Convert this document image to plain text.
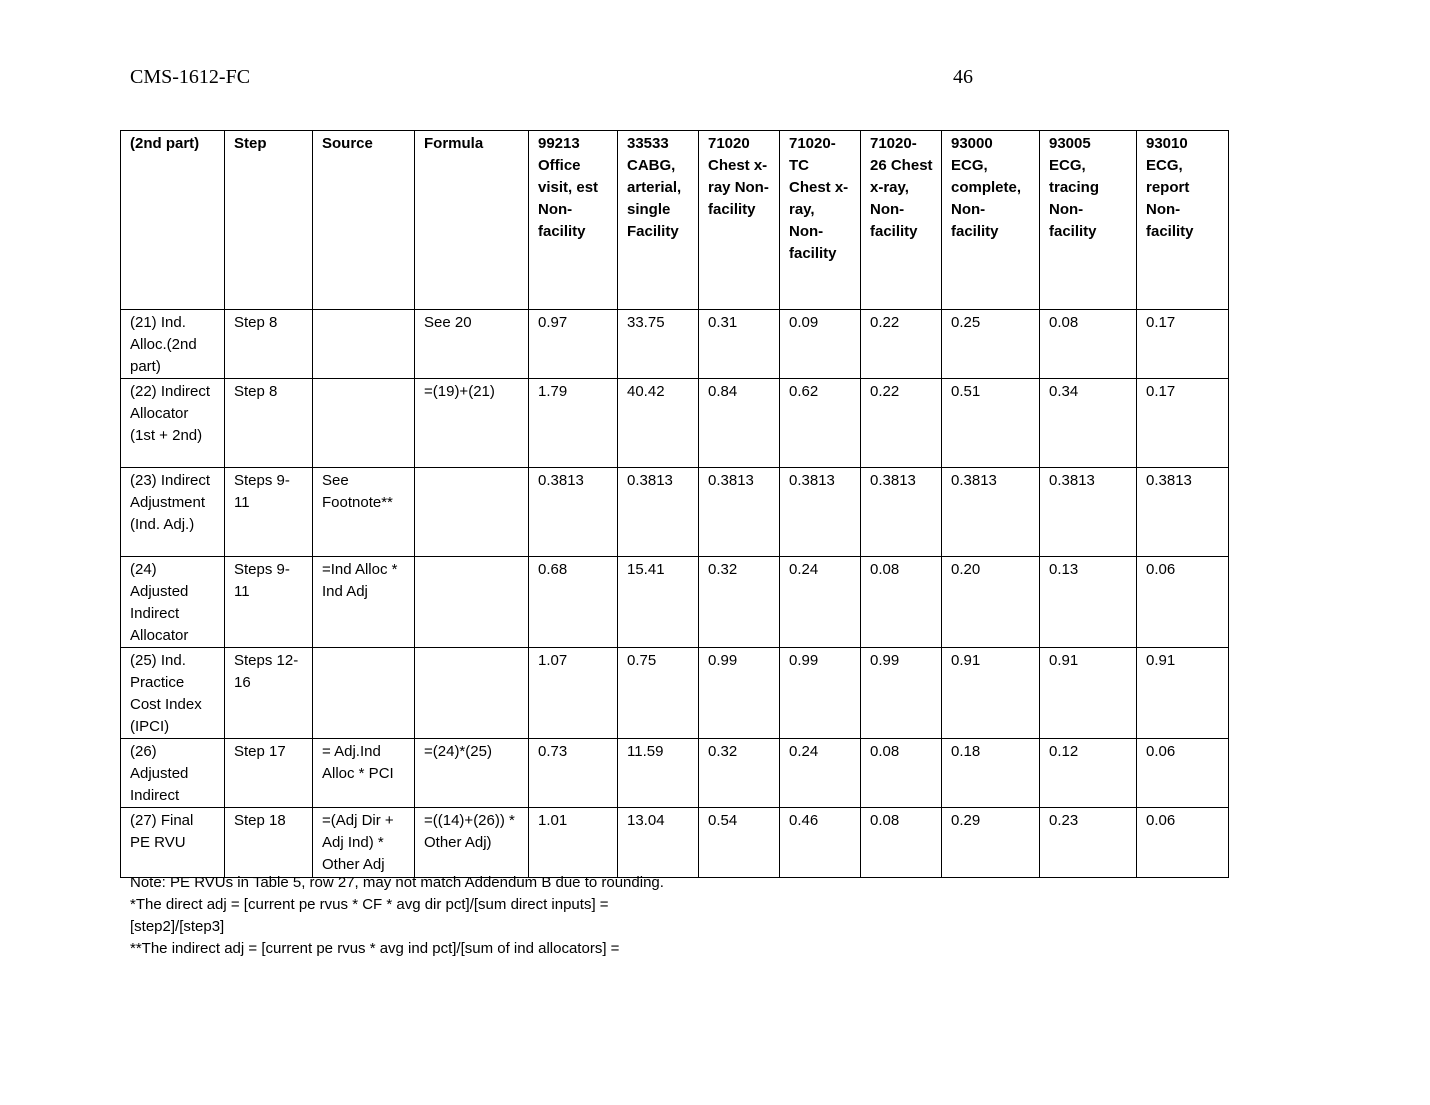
CMS-1612-FC	46
(2nd part)	Step	Source	Formula	99213 Office visit, est Non-facility	33533 CABG, arterial, single Facility	71020 Chest x-ray Non-facility	71020-TC Chest x-ray, Non-facility	71020-26 Chest x-ray, Non-facility	93000 ECG, complete, Non-facility	93005 ECG, tracing Non-facility	93010 ECG, report Non-facility
(21) Ind. Alloc.(2nd part)	Step 8		See 20	0.97	33.75	0.31	0.09	0.22	0.25	0.08	0.17
(22) Indirect Allocator (1st + 2nd)	Step 8		=(19)+(21)	1.79	40.42	0.84	0.62	0.22	0.51	0.34	0.17
(23) Indirect Adjustment (Ind. Adj.)	Steps 9-11	See Footnote**		0.3813	0.3813	0.3813	0.3813	0.3813	0.3813	0.3813	0.3813
(24) Adjusted Indirect Allocator	Steps 9-11	=Ind Alloc * Ind Adj		0.68	15.41	0.32	0.24	0.08	0.20	0.13	0.06
(25) Ind. Practice Cost Index (IPCI)	Steps 12-16			1.07	0.75	0.99	0.99	0.99	0.91	0.91	0.91
(26) Adjusted Indirect	Step 17	= Adj.Ind Alloc * PCI	=(24)*(25)	0.73	11.59	0.32	0.24	0.08	0.18	0.12	0.06
(27) Final PE RVU	Step 18	=(Adj Dir + Adj Ind) * Other Adj	=((14)+(26)) * Other Adj)	1.01	13.04	0.54	0.46	0.08	0.29	0.23	0.06
Note: PE RVUs in Table 5, row 27, may not match Addendum B due to rounding.
*The direct adj = [current pe rvus * CF * avg dir pct]/[sum direct inputs] =
[step2]/[step3]
**The indirect adj = [current pe rvus * avg ind pct]/[sum of ind allocators] =
